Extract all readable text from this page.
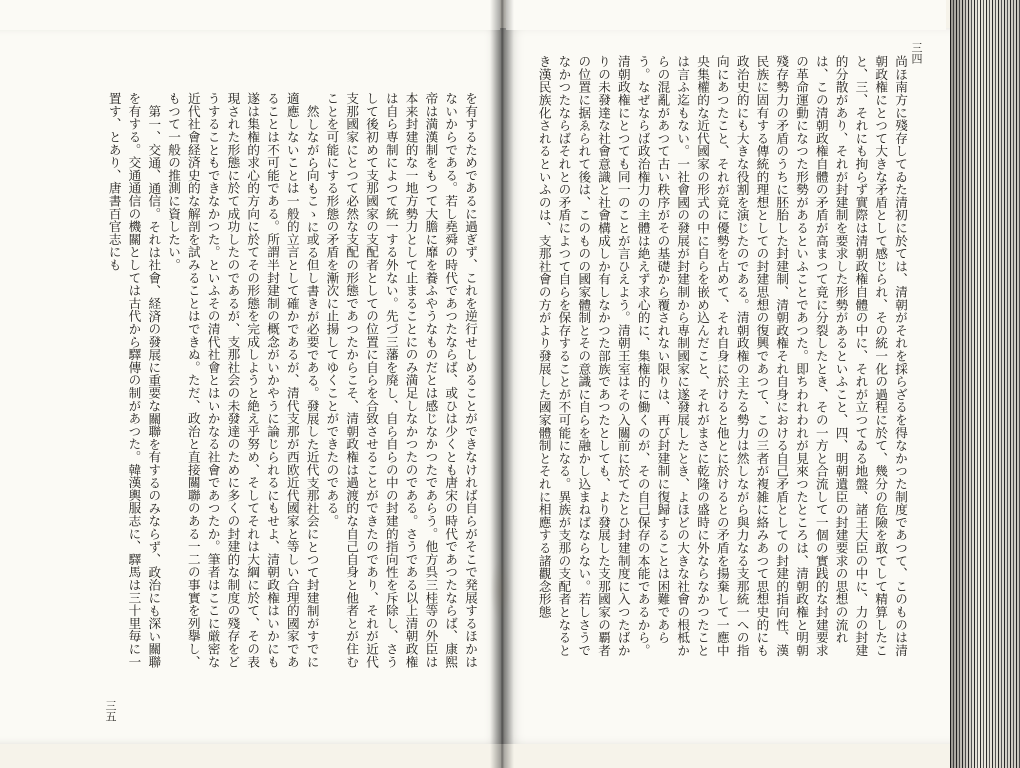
尚ほ南方に殘存してゐた清初に於ては、清朝がそれを採らざるを得なかつた制度であつて、このものは清朝政権にとつて大きな矛盾として感じられ、その統一化の過程に於て、幾分の危險を敢てして精算したこと、三、それにも拘らず實際は清朝政権自體の中に、それが立つてゐる地盤、諸王大臣の中に、力の封建的分散があり、それが封建制を要求した形勢があるといふこと、四、明朝遺臣の封建要求の思想の流れは、この清朝政権自體の矛盾が高まつて竟に分裂したとき、その一方と合流して一個の實践的な封建要求の革命運動になつた形勢があるといふことであつた。即ちわれわれが見來つたところは、清朝政権と明朝殘存勢力の矛盾のうちに胚胎した封建制、清朝政権それ自身における自己矛盾としての封建的指向性、漢民族に固有する傳統的理想としての封建思想の復興であつて、この三者が複雑に絡みあつて思想史的にも政治史的にも大きな役割を演じたのである。清朝政権の主たる勢力は然しながら與力なる支那統一への指向にあつたこと、それが竟に優勢を占めて、それ自身に於けると他とに於けるとの矛盾を揚棄して一應中央集權的な近代國家の形式の中に自らを嵌め込んだこと、それがまさに乾隆の盛時に外ならなかつたことは言ふ迄もない。一社會國の發展が封建制から専制國家に遂發展したとき、よほどの大きな社會の根柢からの混亂があつて古い秩序がその基礎から覆されない限りは、再び封建制に復歸することは困難であらう。なぜならば政治権力の主體は絶えず求心的に、集権的に働くのが、その自己保存の本能であるから。清朝政権にとつても同一のことが言ひえよう。清朝王室はその入關前に於てたとひ封建制度に入つたばかりの未發達な社會意識と社會構成しか有しなかつた部族であつたとしても、より發展した支那國家の覇者の位置に据ゑられて後は、このものの國家體制とその意識に自らを融かし込まねばならない。若しさうでなかつたならばそれとの矛盾によつて自らを保存することが不可能になる。異族が支那の支配者となるとき漢民族化されるといふのは、支那社會の方がより發展した國家體制とそれに相應する諸觀念形態

を有するためであるに過ぎず、これを逆行せしめることができなければ自らがそこで発展するほかはないからである。若し堯舜の時代であつたならば、或ひは少くとも唐宋の時代であつたならば、康熙帝は満漢制をもつて大膽に靡を養ふやうなものだとは感じなかつたであらう。他方呉三桂等の外臣は本来封建的な一地方勢力として止まることにのみ満足しなかつたのである。さうである以上清朝政権は自ら専制によつて統一する外ない。先づ三藩を廃し、自ら自らの中の封建的指向性を斥除し、さうして後初めて支那國家の支配者としての位置に自らを合致させることができたのであり、それが近代支那國家にとつて必然な支配の形態であつたからこそ、清朝政権は過渡的な自己自身と他者とが住むことを可能にする形態の矛盾を漸次に止揚してゆくことができたのである。

然しながら向もこゝに或る但し書きが必要である。發展した近代支那社会にとつて封建制がすでに適應しないことは一般的立言として確かであるが、清代支那が西欧近代國家と等しい合理的國家であることは不可能である。所謂半封建制の概念がいかやうに論じられるにもせよ、清朝政権はいかにも遂は集権的求心的方向に於てその形態を完成しようと絶え乎努め、そしてそれは大綱に於て、その表現された形態に於て成功したのであるが、支那社会の未發達のために多くの封建的な制度の殘存をどうすることもできなかつた。といふその清代社會とはいかなる社會であつたか。筆者はここに厳密な近代社會経済史的な解剖を試みることはできぬ。ただ、政治と直接關聯のある一二の事實を列擧し、もつて一般の推測に資したい。

第一、交通、通信。それは社會、経済の發展に重要な關聯を有するのみならず、政治にも深い關聯を有する。交通通信の機關としては古代から驛傳の制があつた。韓漢輿服志に、驛馬は三十里毎に一置す、とあり、唐書百官志にも

三四
三五
